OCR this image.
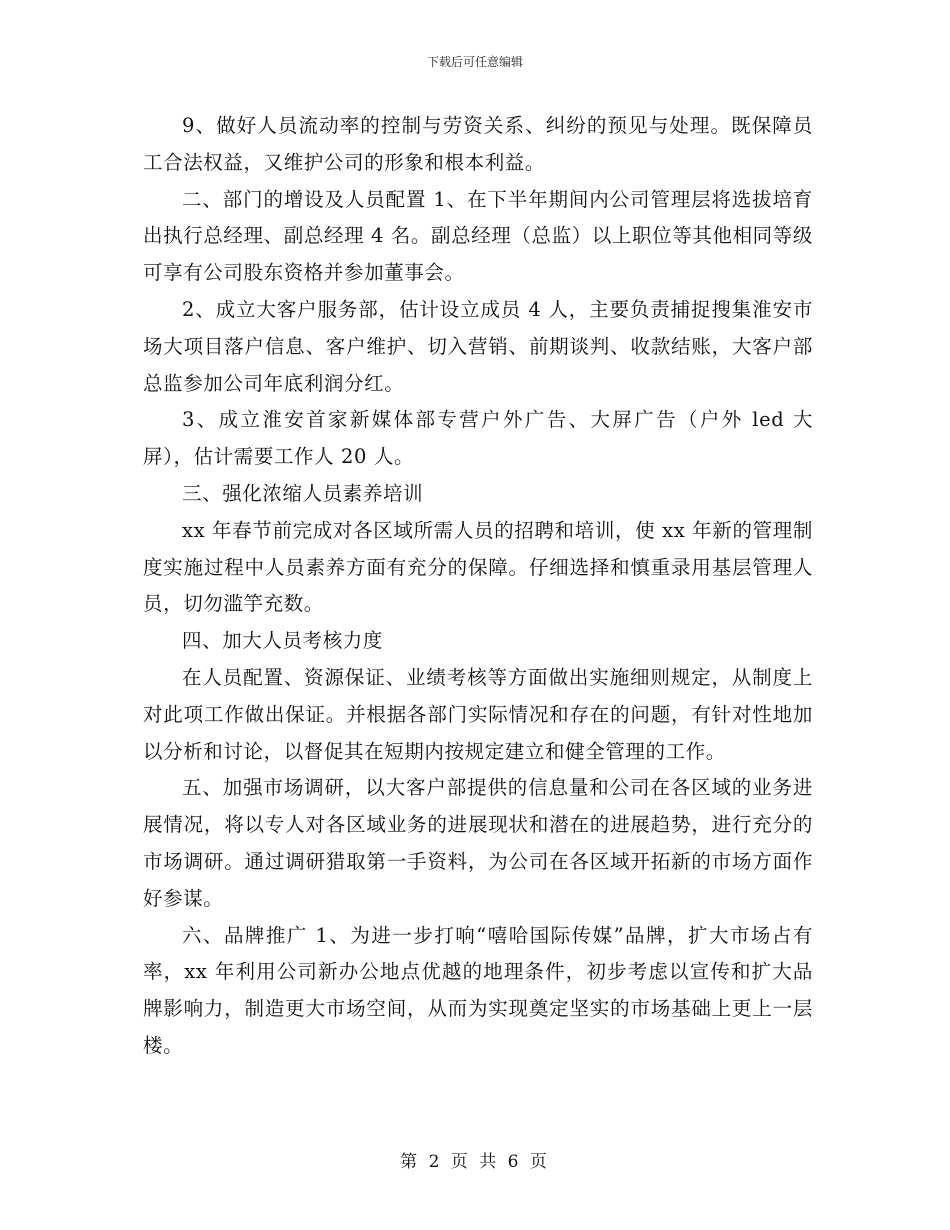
下载后可任意编辑

9、做好人员流动率的控制与劳资关系、纠纷的预见与处理。既保障员工合法权益，又维护公司的形象和根本利益。

二、部门的增设及人员配置 1、在下半年期间内公司管理层将选拔培育出执行总经理、副总经理 4 名。副总经理（总监）以上职位等其他相同等级可享有公司股东资格并参加董事会。

2、成立大客户服务部，估计设立成员 4 人，主要负责捕捉搜集淮安市场大项目落户信息、客户维护、切入营销、前期谈判、收款结账，大客户部总监参加公司年底利润分红。

3、成立淮安首家新媒体部专营户外广告、大屏广告（户外 led 大屏），估计需要工作人 20 人。

三、强化浓缩人员素养培训

xx 年春节前完成对各区域所需人员的招聘和培训，使 xx 年新的管理制度实施过程中人员素养方面有充分的保障。仔细选择和慎重录用基层管理人员，切勿滥竽充数。

四、加大人员考核力度

在人员配置、资源保证、业绩考核等方面做出实施细则规定，从制度上对此项工作做出保证。并根据各部门实际情况和存在的问题，有针对性地加以分析和讨论，以督促其在短期内按规定建立和健全管理的工作。

五、加强市场调研，以大客户部提供的信息量和公司在各区域的业务进展情况，将以专人对各区域业务的进展现状和潜在的进展趋势，进行充分的市场调研。通过调研猎取第一手资料，为公司在各区域开拓新的市场方面作好参谋。

六、品牌推广 1、为进一步打响“嘻哈国际传媒”品牌，扩大市场占有率，xx 年利用公司新办公地点优越的地理条件，初步考虑以宣传和扩大品牌影响力，制造更大市场空间，从而为实现奠定坚实的市场基础上更上一层楼。

第 2 页 共 6 页
